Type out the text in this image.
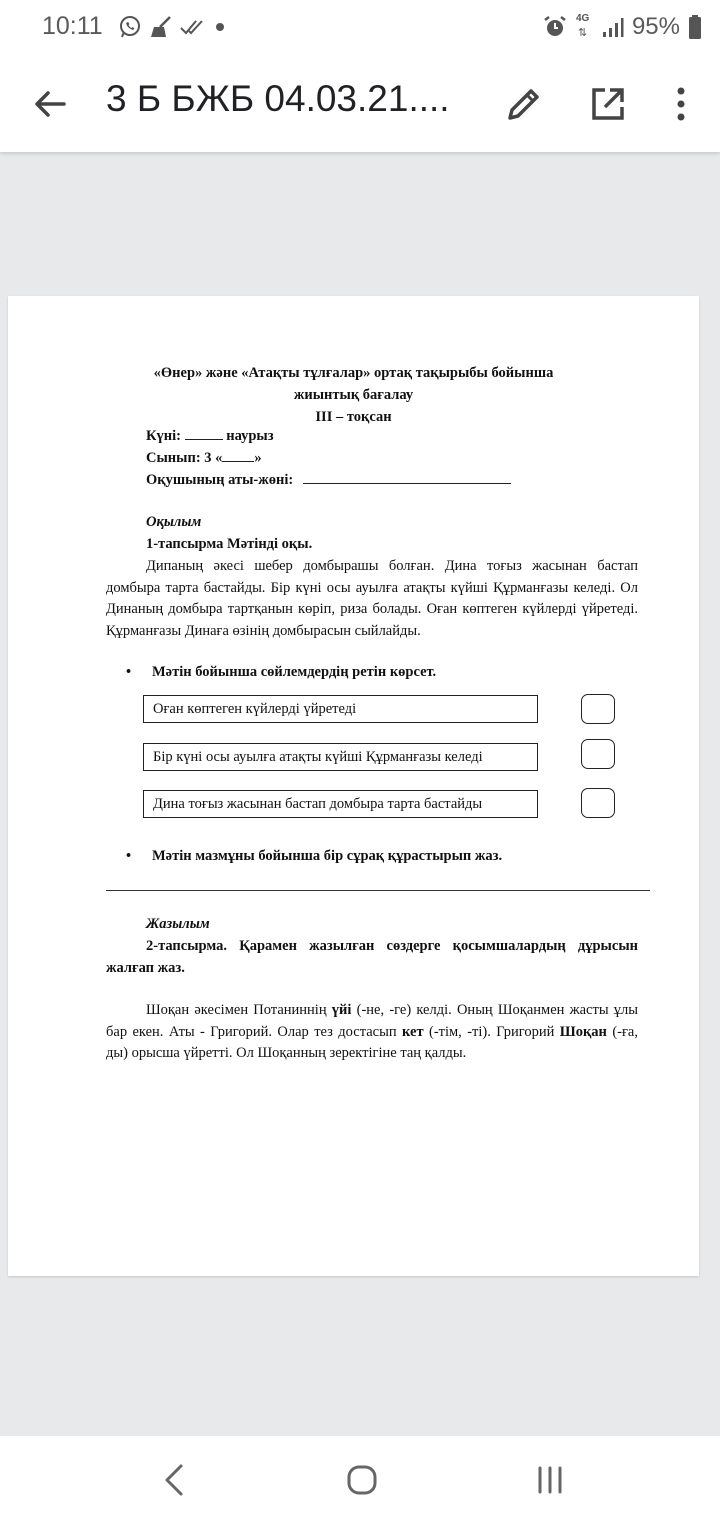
10:11	4G
⇅ 95%
3 Б БЖБ 04.03.21....
«Өнер» және «Атақты тұлғалар» ортақ тақырыбы бойынша
жиынтық бағалау
III – тоқсан
Күні:	наурыз
Сынып: 3 « »
Оқушының аты-жөні:
Оқылым
1-тапсырма Мәтінді оқы.

Дипаның әкесі шебер домбырашы болған. Дина тоғыз жасынан бастап домбыра тарта бастайды. Бір күні осы ауылға атақты күйші Құрманғазы келеді. Ол Динаның домбыра тартқанын көріп, риза болады. Оған көптеген күйлерді үйретеді. Құрманғазы Динаға өзінің домбырасын сыйлайды.

• Мәтін бойынша сөйлемдердің ретін көрсет.
Оған көптеген күйлерді үйретеді
Бір күні осы ауылға атақты күйші Құрманғазы келеді
Дина тоғыз жасынан бастап домбыра тарта бастайды
• Мәтін мазмұны бойынша бір сұрақ құрастырып жаз.
Жазылым

2-тапсырма. Қарамен жазылған сөздерге қосымшалардың дұрысын жалғап жаз.

Шоқан әкесімен Потаниннің үйі (-не, -ге) келді. Оның Шоқанмен жасты ұлы бар екен. Аты - Григорий. Олар тез достасып кет (-тім, -ті). Григорий Шоқан (-ға, ды) орысша үйретті. Ол Шоқанның зеректігіне таң қалды.
